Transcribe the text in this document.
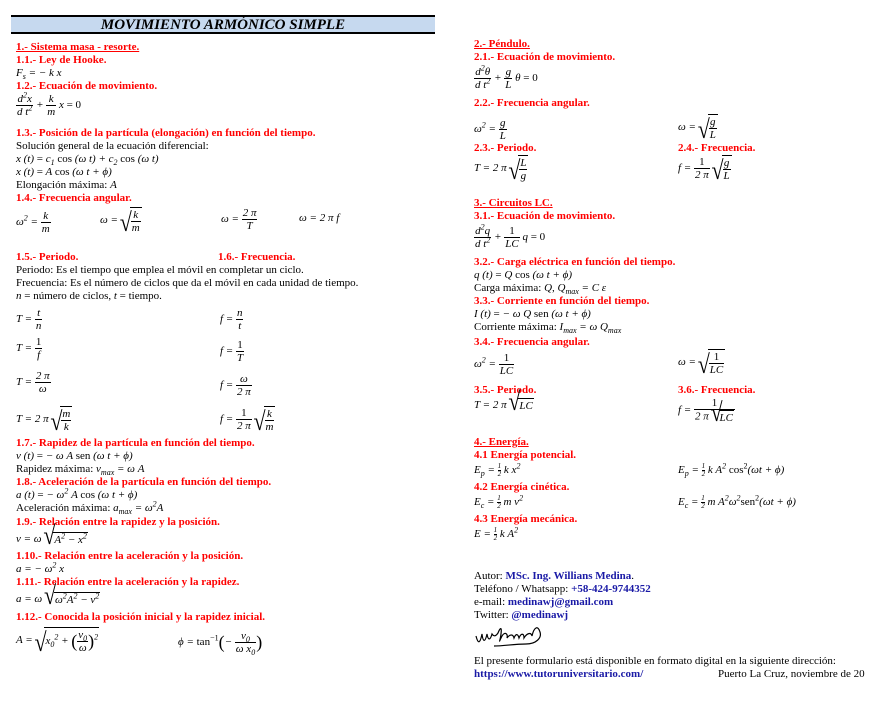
MOVIMIENTO ARMÓNICO SIMPLE
1.- Sistema masa - resorte.
1.1.- Ley de Hooke.
$F_s$ = − k x
1.2.- Ecuación de movimiento.
$\frac{d^2x}{d t^2} + \frac{k}{m}$ x = 0
1.3.- Posición de la partícula (elongación) en función del tiempo.
Solución general de la ecuación diferencial:
x $(t) = c_1$ cos (ω $t) + c_2$ cos (ω t)
x (t) = A cos (ω t + ϕ)
Elongación máxima: A
1.4.- Frecuencia angular.
$\omega^2 = \frac{k}{m}$	ω = √ $\frac{k}{m}$	$\omega = \frac{2 \pi}{T}$	ω = 2 π f
1.5.- Periodo.	1.6.- Frecuencia.
Periodo: Es el tiempo que emplea el móvil en completar un ciclo.
Frecuencia: Es el número de ciclos que da el móvil en cada unidad de tiempo.
n = número de ciclos, t = tiempo.
$T = \frac{t}{n}$	$f = \frac{n}{t}$
$T = \frac{1}{f}$	$f = \frac{1}{T}$
$T = \frac{2 \pi}{\omega}$	$f = \frac{\omega}{2 \pi}$
T = 2 π √ $\frac{m}{k}$	$f = \frac{1}{2 \pi}$
√ $\frac{k}{m}$
1.7.- Rapidez de la partícula en función del tiempo.
v (t) = − ω A sen (ω t + ϕ)
Rapidez máxima: $v_{max} = \omega$ A
1.8.- Aceleración de la partícula en función del tiempo.
a (t) = − $\omega^2$ A cos (ω t + ϕ)
Aceleración máxima: $a_{max} = \omega^2A$
1.9.- Relación entre la rapidez y la posición.
v = ω √ $A^2 - x^2$
1.10.- Relación entre la aceleración y la posición.
a = − $\omega^2$ x
1.11.- Relación entre la aceleración y la rapidez.
a = ω √ $\omega^2A^2 - v^2$
1.12.- Conocida la posición inicial y la rapidez inicial.
A = √ $x_0^2$ + ( $\frac{v_0}{\omega} )^2$	$\phi = \tan^{-1}(- \frac{v_0}{\omega x_0}$ )
2.- Péndulo.
2.1.- Ecuación de movimiento.
$\frac{d^2\theta}{d t^2} + \frac{g}{L}$ θ = 0
2.2.- Frecuencia angular.
$\omega^2 = \frac{g}{L}$	ω = √ $\frac{g}{L}$
2.3.- Periodo.	2.4.- Frecuencia.
T = 2 π √ $\frac{L}{g}$	$f = \frac{1}{2 \pi}$
√ $\frac{g}{L}$
3.- Circuitos LC.
3.1.- Ecuación de movimiento.
$\frac{d^2q}{d t^2} + \frac{1}{LC}$ q = 0
3.2.- Carga eléctrica en función del tiempo.
q (t) = Q cos (ω t + ϕ)
Carga máxima: Q, $Q_{max} = C$ ε
3.3.- Corriente en función del tiempo.
I (t) = − ω Q sen (ω t + ϕ)
Corriente máxima: $I_{max} = \omega$ $Q_{max}$
3.4.- Frecuencia angular.
$\omega^2 = \frac{1}{LC}$	ω = √ $\frac{1}{LC}$
3.5.- Periodo.	3.6.- Frecuencia.
T = 2 π √ LC	$f = \frac{1}{2 \pi √ LC}$
4.- Energía.
4.1 Energía potencial.
$E_p = \frac{1}{2}$ k $x^2$	$E_p = \frac{1}{2}$ k $A^2$ $\cos^2(\omega t + \phi)$
4.2 Energía cinética.
$E_c = \frac{1}{2}$ m $v^2$	$E_c = \frac{1}{2}$ m $A^2\omega^2sen^2(\omega t + \phi)$
4.3 Energía mecánica.
$E = \frac{1}{2}$ k $A^2$
Autor: MSc. Ing. Willians Medina.
Teléfono / Whatsapp: +58-424-9744352
e-mail: medinawj@gmail.com
Twitter: @medinawj
El presente formulario está disponible en formato digital en la siguiente dirección:
https://www.tutoruniversitario.com/	Puerto La Cruz, noviembre de 20
